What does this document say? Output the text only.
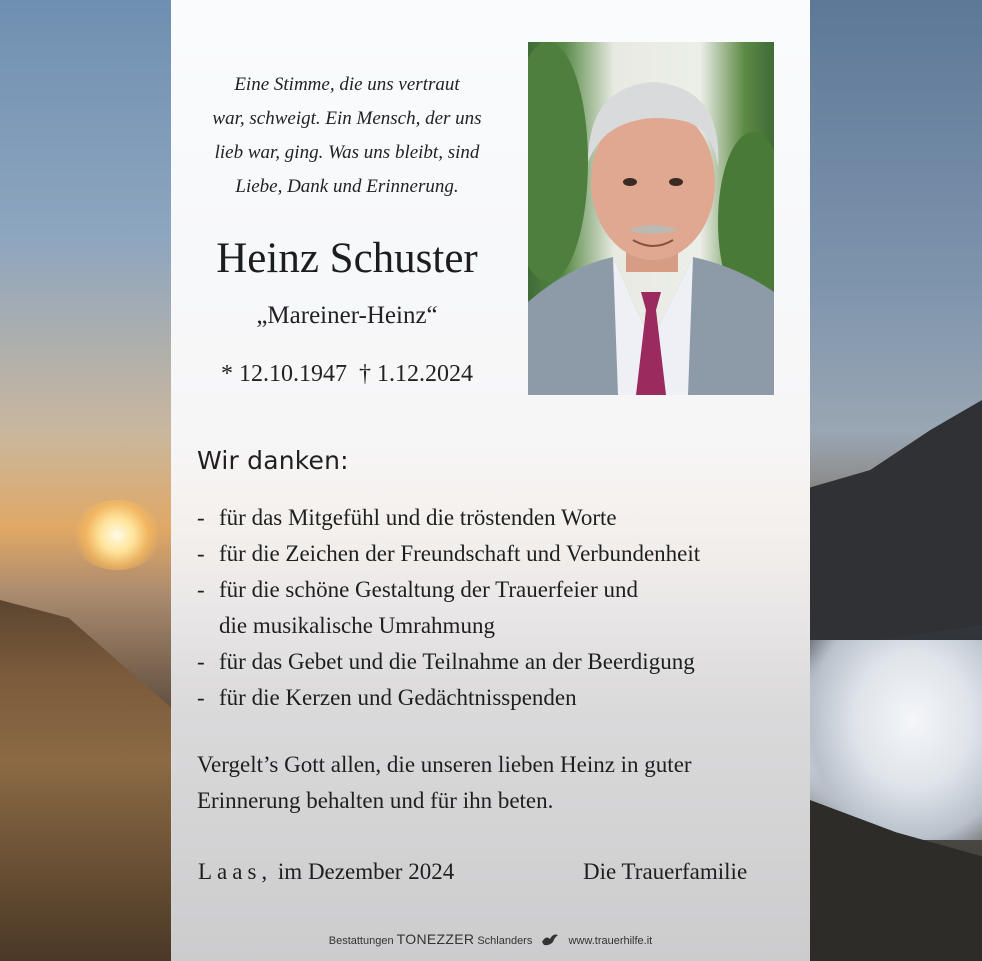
Eine Stimme, die uns vertraut
war, schweigt. Ein Mensch, der uns
lieb war, ging. Was uns bleibt, sind
Liebe, Dank und Erinnerung.
Heinz Schuster
„Mareiner-Heinz“
* 12.10.1947  † 1.12.2024
Wir danken:
- für das Mitgefühl und die tröstenden Worte
- für die Zeichen der Freundschaft und Verbundenheit
- für die schöne Gestaltung der Trauerfeier und
die musikalische Umrahmung
- für das Gebet und die Teilnahme an der Beerdigung
- für die Kerzen und Gedächtnisspenden
Vergelt’s Gott allen, die unseren lieben Heinz in guter
Erinnerung behalten und für ihn beten.
Laas, im Dezember 2024	Die Trauerfamilie
Bestattungen TONEZZER Schlanders	www.trauerhilfe.it
